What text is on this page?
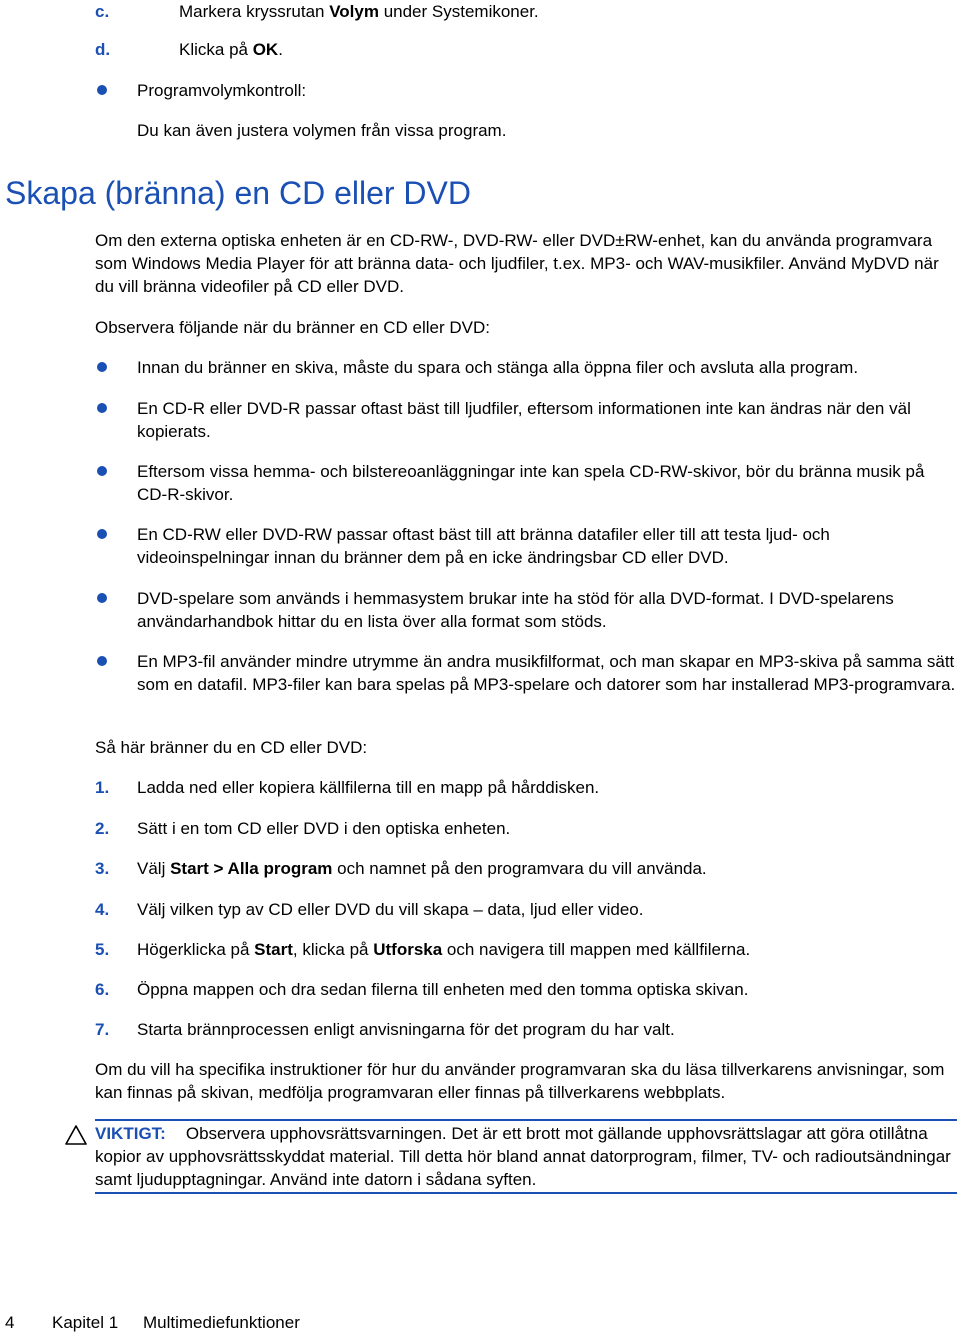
c.	Markera kryssrutan Volym under Systemikoner.
d.	Klicka på OK.
Programvolymkontroll:
Du kan även justera volymen från vissa program.
Skapa (bränna) en CD eller DVD
Om den externa optiska enheten är en CD-RW-, DVD-RW- eller DVD±RW-enhet, kan du använda programvara som Windows Media Player för att bränna data- och ljudfiler, t.ex. MP3- och WAV-musikfiler. Använd MyDVD när du vill bränna videofiler på CD eller DVD.
Observera följande när du bränner en CD eller DVD:
Innan du bränner en skiva, måste du spara och stänga alla öppna filer och avsluta alla program.
En CD-R eller DVD-R passar oftast bäst till ljudfiler, eftersom informationen inte kan ändras när den väl kopierats.
Eftersom vissa hemma- och bilstereoanläggningar inte kan spela CD-RW-skivor, bör du bränna musik på CD-R-skivor.
En CD-RW eller DVD-RW passar oftast bäst till att bränna datafiler eller till att testa ljud- och videoinspelningar innan du bränner dem på en icke ändringsbar CD eller DVD.
DVD-spelare som används i hemmasystem brukar inte ha stöd för alla DVD-format. I DVD-spelarens användarhandbok hittar du en lista över alla format som stöds.
En MP3-fil använder mindre utrymme än andra musikfilformat, och man skapar en MP3-skiva på samma sätt som en datafil. MP3-filer kan bara spelas på MP3-spelare och datorer som har installerad MP3-programvara.
Så här bränner du en CD eller DVD:
1. Ladda ned eller kopiera källfilerna till en mapp på hårddisken.
2. Sätt i en tom CD eller DVD i den optiska enheten.
3. Välj Start > Alla program och namnet på den programvara du vill använda.
4. Välj vilken typ av CD eller DVD du vill skapa – data, ljud eller video.
5. Högerklicka på Start, klicka på Utforska och navigera till mappen med källfilerna.
6. Öppna mappen och dra sedan filerna till enheten med den tomma optiska skivan.
7. Starta brännprocessen enligt anvisningarna för det program du har valt.
Om du vill ha specifika instruktioner för hur du använder programvaran ska du läsa tillverkarens anvisningar, som kan finnas på skivan, medfölja programvaran eller finnas på tillverkarens webbplats.
VIKTIGT: Observera upphovsrättsvarningen. Det är ett brott mot gällande upphovsrättslagar att göra otillåtna kopior av upphovsrättsskyddat material. Till detta hör bland annat datorprogram, filmer, TV- och radioutsändningar samt ljudupptagningar. Använd inte datorn i sådana syften.
4 Kapitel 1 Multimediefunktioner
